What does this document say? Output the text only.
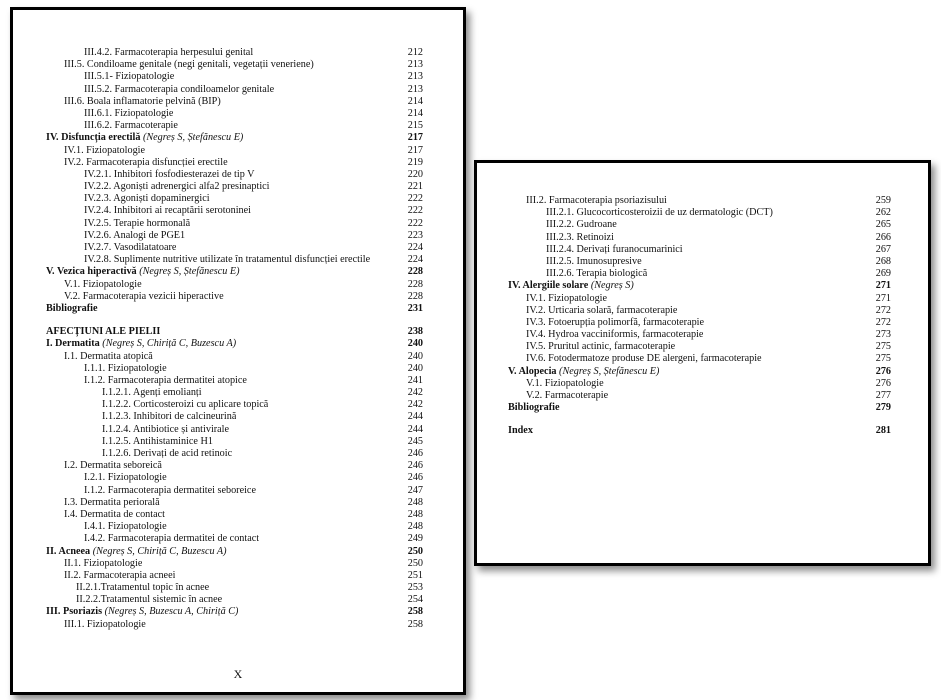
III.4.2. Farmacoterapia herpesului genital	212
III.5. Condiloame genitale (negi genitali, vegetații veneriene)	213
III.5.1- Fiziopatologie	213
III.5.2. Farmacoterapia condiloamelor genitale	213
III.6. Boala inflamatorie pelvină (BIP)	214
III.6.1. Fiziopatologie	214
III.6.2. Farmacoterapie	215
IV. Disfuncția erectilă (Negreș S, Ștefănescu E)	217
IV.1. Fiziopatologie	217
IV.2. Farmacoterapia disfuncției erectile	219
IV.2.1. Inhibitori fosfodiesterazei de tip V	220
IV.2.2. Agoniști adrenergici alfa2 presinaptici	221
IV.2.3. Agoniști dopaminergici	222
IV.2.4. Inhibitori ai recaptării serotoninei	222
IV.2.5. Terapie hormonală	222
IV.2.6. Analogi de PGE1	223
IV.2.7. Vasodilatatoare	224
IV.2.8. Suplimente nutritive utilizate în tratamentul disfuncției erectile	224
V. Vezica hiperactivă (Negreș S, Ștefănescu E)	228
V.1. Fiziopatologie	228
V.2. Farmacoterapia vezicii hiperactive	228
Bibliografie	231
AFECȚIUNI ALE PIELII	238
I. Dermatita (Negreș S, Chiriță C, Buzescu A)	240
I.1. Dermatita atopică	240
I.1.1. Fiziopatologie	240
I.1.2. Farmacoterapia dermatitei atopice	241
I.1.2.1. Agenți emolianți	242
I.1.2.2. Corticosteroizi cu aplicare topică	242
I.1.2.3. Inhibitori de calcineurină	244
I.1.2.4. Antibiotice și antivirale	244
I.1.2.5. Antihistaminice H1	245
I.1.2.6. Derivați de acid retinoic	246
I.2. Dermatita seboreică	246
I.2.1. Fiziopatologie	246
I.1.2. Farmacoterapia dermatitei seboreice	247
I.3. Dermatita periorală	248
I.4. Dermatita de contact	248
I.4.1. Fiziopatologie	248
I.4.2. Farmacoterapia dermatitei de contact	249
II. Acneea (Negreș S, Chiriță C, Buzescu A)	250
II.1. Fiziopatologie	250
II.2. Farmacoterapia acneei	251
II.2.1.Tratamentul topic în acnee	253
II.2.2.Tratamentul sistemic în acnee	254
III. Psoriazis (Negreș S, Buzescu A, Chiriță C)	258
III.1. Fiziopatologie	258
X
III.2. Farmacoterapia psoriazisului	259
III.2.1. Glucocorticosteroizii de uz dermatologic (DCT)	262
III.2.2. Gudroane	265
III.2.3. Retinoizi	266
III.2.4. Derivați furanocumarinici	267
III.2.5. Imunosupresive	268
III.2.6. Terapia biologică	269
IV. Alergiile solare (Negreș S)	271
IV.1. Fiziopatologie	271
IV.2. Urticaria solară, farmacoterapie	272
IV.3. Fotoerupția polimorfă, farmacoterapie	272
IV.4. Hydroa vacciniformis, farmacoterapie	273
IV.5. Pruritul actinic, farmacoterapie	275
IV.6. Fotodermatoze produse DE alergeni, farmacoterapie	275
V. Alopecia (Negreș S, Ștefănescu E)	276
V.1. Fiziopatologie	276
V.2. Farmacoterapie	277
Bibliografie	279
Index	281
